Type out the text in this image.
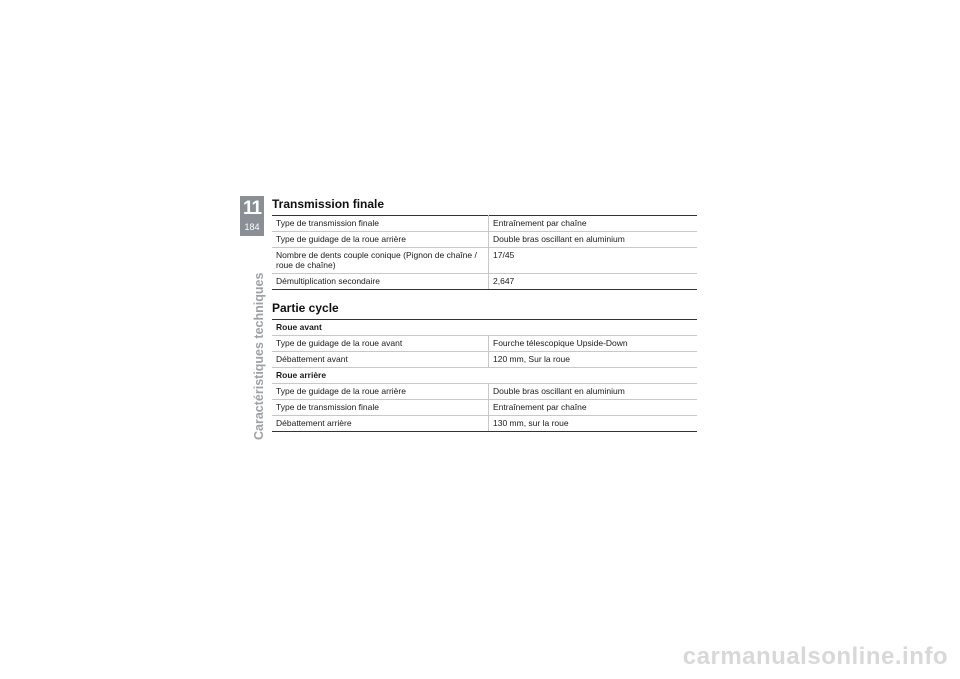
11
184
Caractéristiques techniques
Transmission finale
Type de transmission finale	Entraînement par chaîne
Type de guidage de la roue arrière	Double bras oscillant en aluminium
Nombre de dents couple conique (Pignon de chaîne / roue de chaîne)	17/45
Démultiplication secondaire	2,647
Partie cycle
Roue avant	
Type de guidage de la roue avant	Fourche télescopique Upside-Down
Débattement avant	120 mm, Sur la roue
Roue arrière	
Type de guidage de la roue arrière	Double bras oscillant en aluminium
Type de transmission finale	Entraînement par chaîne
Débattement arrière	130 mm, sur la roue
carmanualsonline.info
